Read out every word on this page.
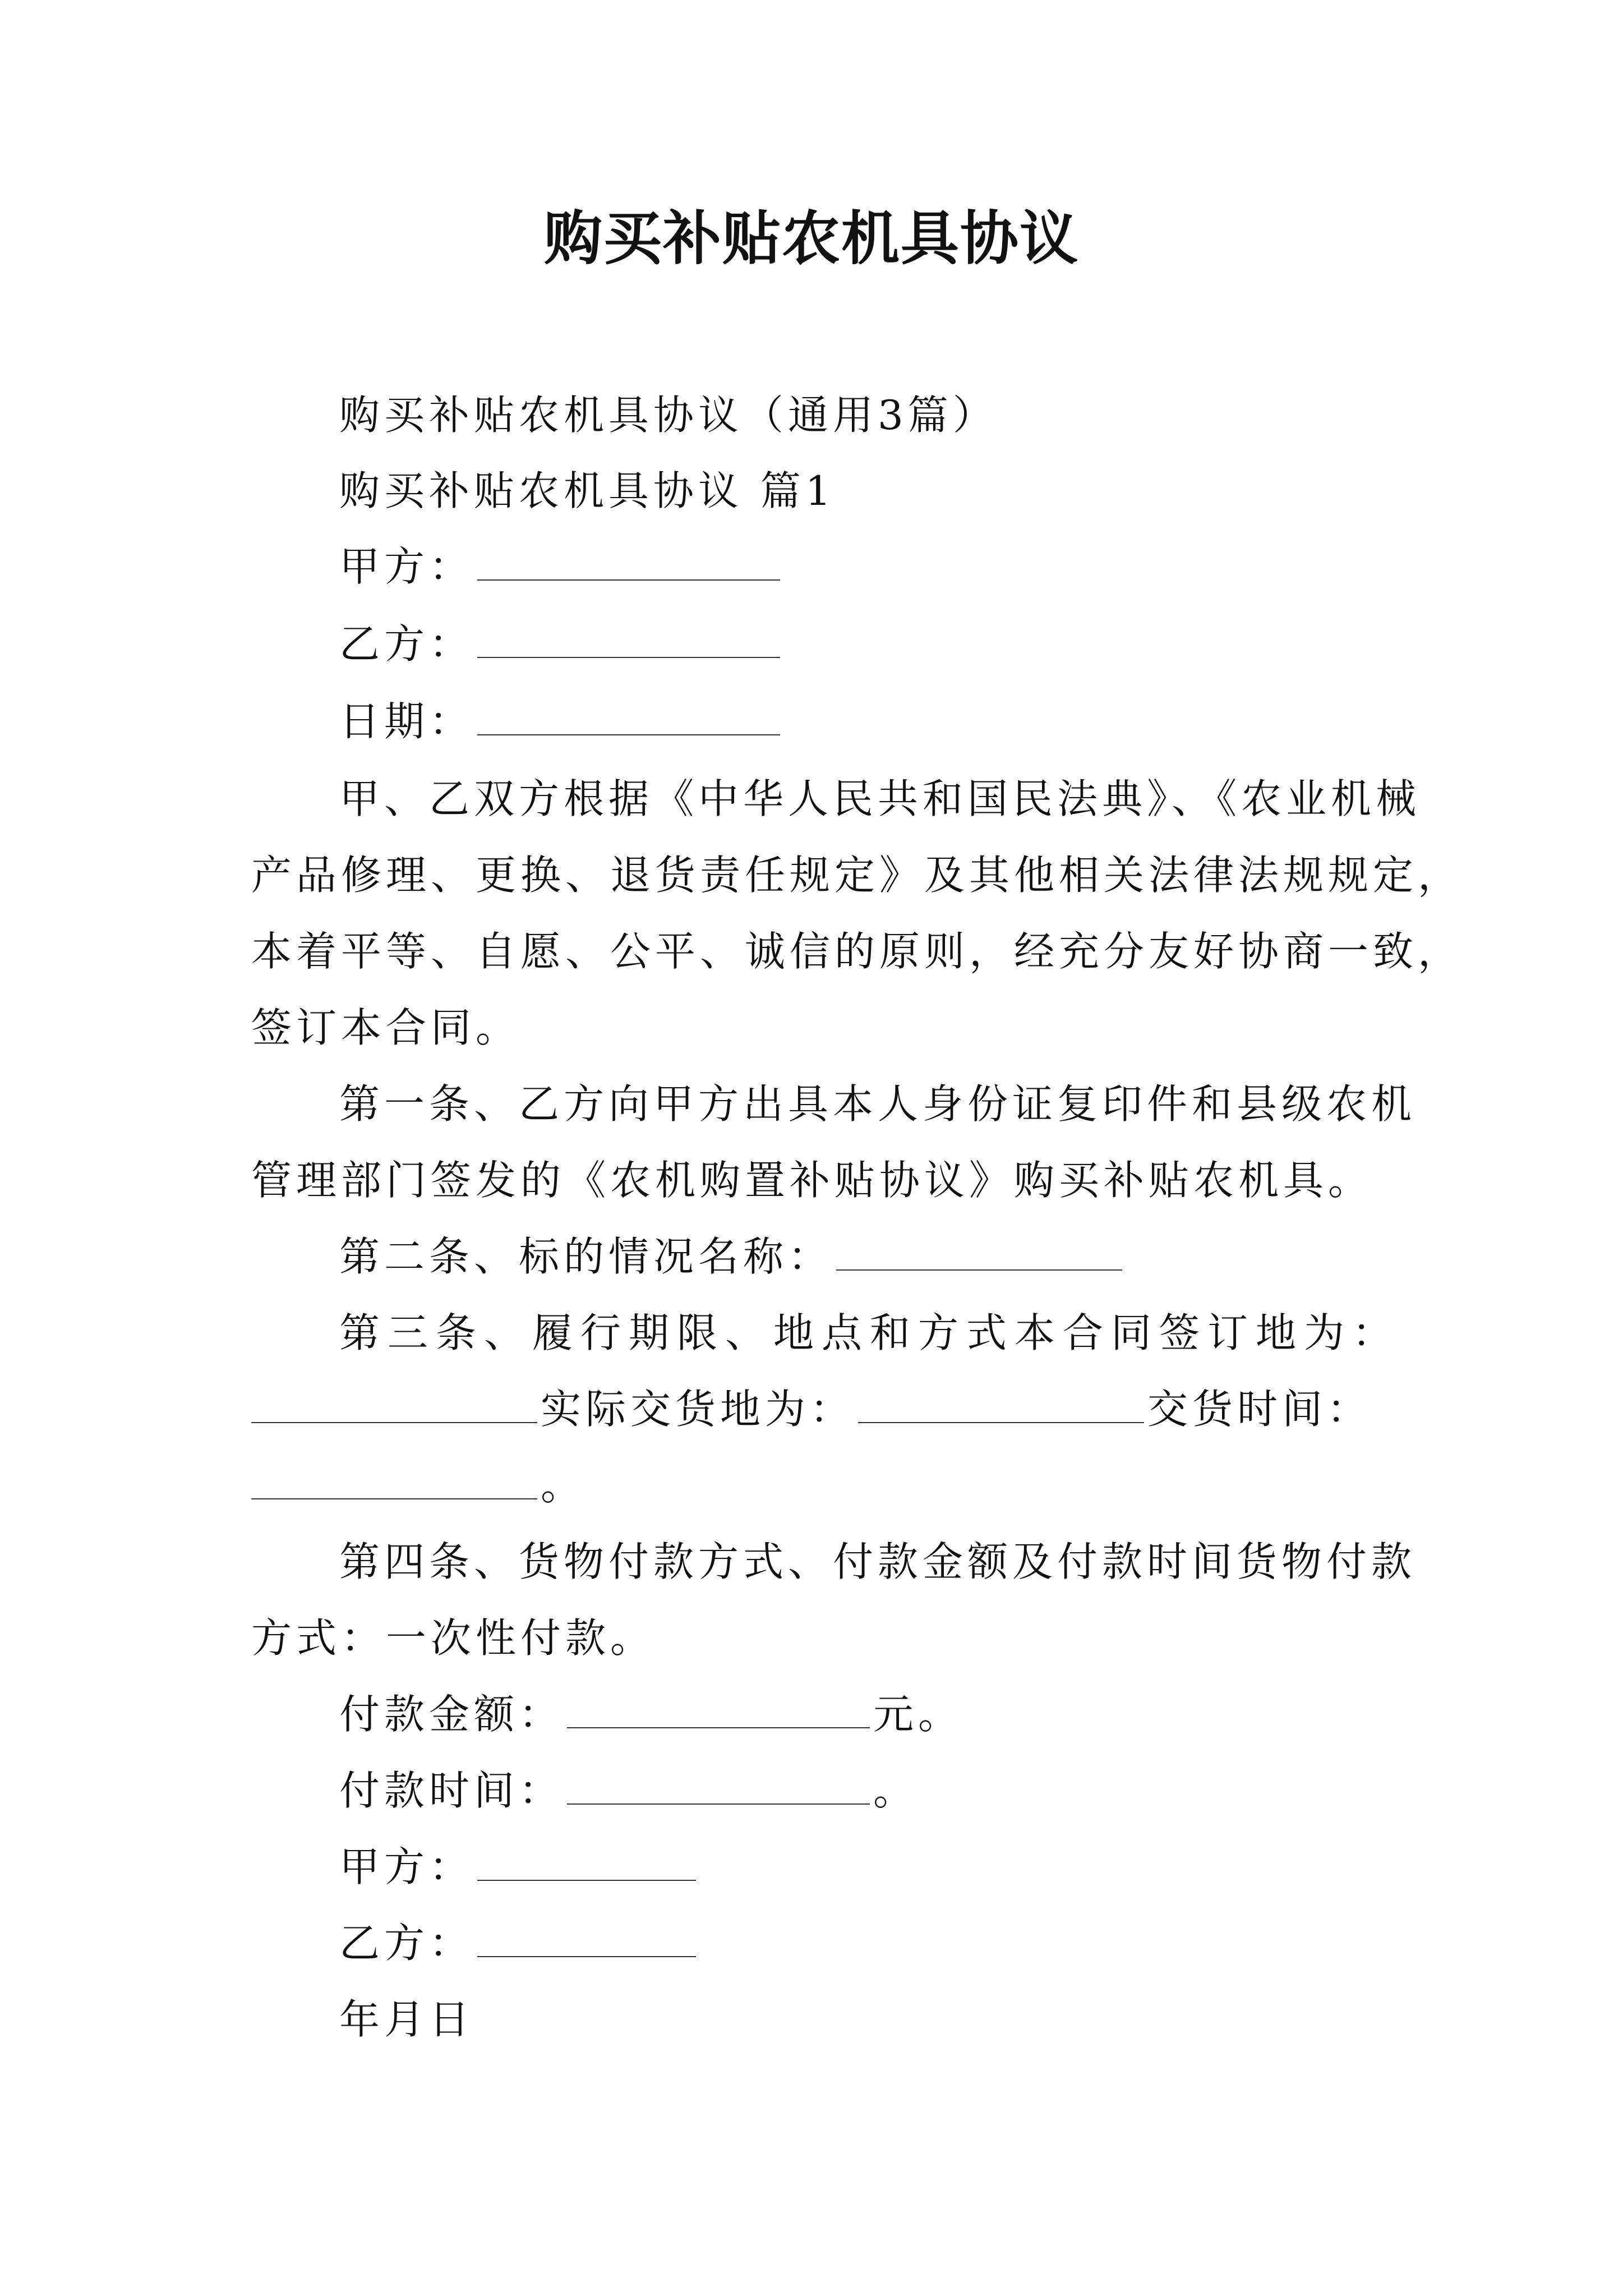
购买补贴农机具协议
购买补贴农机具协议（通用3篇）
购买补贴农机具协议 篇1
甲方：
乙方：
日期：
甲、乙双方根据《中华人民共和国民法典》、《农业机械
产品修理、更换、退货责任规定》及其他相关法律法规规定，
本着平等、自愿、公平、诚信的原则，经充分友好协商一致，
签订本合同。
第一条、乙方向甲方出具本人身份证复印件和县级农机
管理部门签发的《农机购置补贴协议》购买补贴农机具。
第二条、标的情况名称：
第三条、履行期限、地点和方式本合同签订地为：
实际交货地为：	交货时间：
。
第四条、货物付款方式、付款金额及付款时间货物付款
方式：一次性付款。
付款金额：	元。
付款时间：	。
甲方：
乙方：
年月日
